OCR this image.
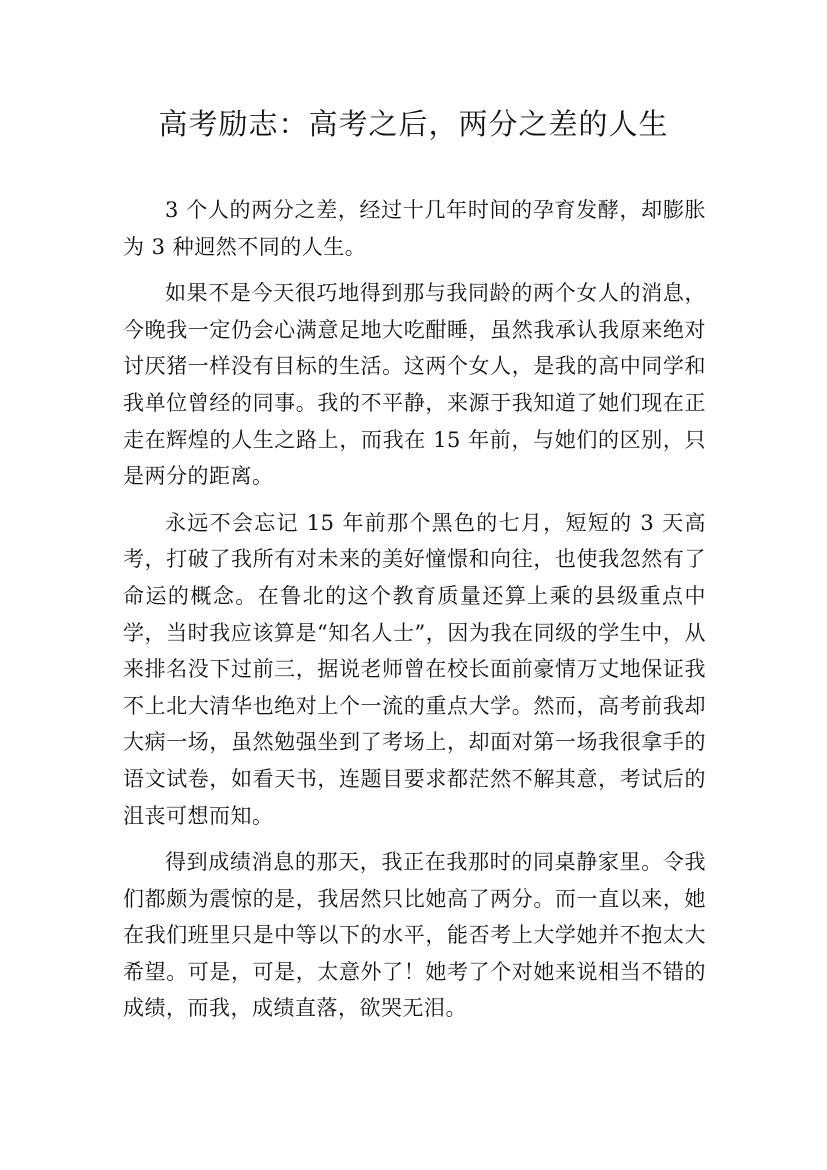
高考励志：高考之后，两分之差的人生

3 个人的两分之差，经过十几年时间的孕育发酵，却膨胀为 3 种迥然不同的人生。

如果不是今天很巧地得到那与我同龄的两个女人的消息，今晚我一定仍会心满意足地大吃酣睡，虽然我承认我原来绝对讨厌猪一样没有目标的生活。这两个女人，是我的高中同学和我单位曾经的同事。我的不平静，来源于我知道了她们现在正走在辉煌的人生之路上，而我在 15 年前，与她们的区别，只是两分的距离。

永远不会忘记 15 年前那个黑色的七月，短短的 3 天高考，打破了我所有对未来的美好憧憬和向往，也使我忽然有了命运的概念。在鲁北的这个教育质量还算上乘的县级重点中学，当时我应该算是“知名人士”，因为我在同级的学生中，从来排名没下过前三，据说老师曾在校长面前豪情万丈地保证我不上北大清华也绝对上个一流的重点大学。然而，高考前我却大病一场，虽然勉强坐到了考场上，却面对第一场我很拿手的语文试卷，如看天书，连题目要求都茫然不解其意，考试后的沮丧可想而知。

得到成绩消息的那天，我正在我那时的同桌静家里。令我们都颇为震惊的是，我居然只比她高了两分。而一直以来，她在我们班里只是中等以下的水平，能否考上大学她并不抱太大希望。可是，可是，太意外了！她考了个对她来说相当不错的成绩，而我，成绩直落，欲哭无泪。
